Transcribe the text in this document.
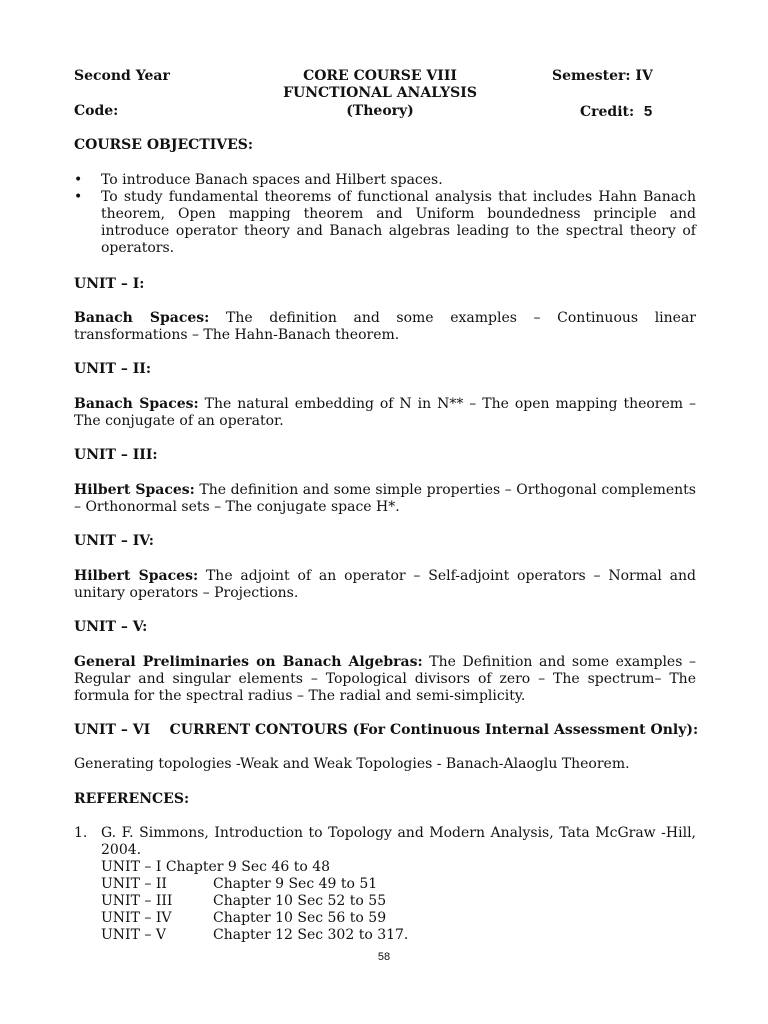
Second Year	CORE COURSE VIII	Semester: IV
FUNCTIONAL ANALYSIS
Code:	(Theory)	Credit: 5
COURSE OBJECTIVES:
• To introduce Banach spaces and Hilbert spaces.
• To study fundamental theorems of functional analysis that includes Hahn Banach theorem, Open mapping theorem and Uniform boundedness principle and introduce operator theory and Banach algebras leading to the spectral theory of operators.
UNIT – I:
Banach Spaces: The definition and some examples – Continuous linear transformations – The Hahn-Banach theorem.
UNIT – II:
Banach Spaces: The natural embedding of N in N** – The open mapping theorem – The conjugate of an operator.
UNIT – III:
Hilbert Spaces: The definition and some simple properties – Orthogonal complements – Orthonormal sets – The conjugate space H*.
UNIT – IV:
Hilbert Spaces: The adjoint of an operator – Self-adjoint operators – Normal and unitary operators – Projections.
UNIT – V:
General Preliminaries on Banach Algebras: The Definition and some examples – Regular and singular elements – Topological divisors of zero – The spectrum– The formula for the spectral radius – The radial and semi-simplicity.
UNIT – VI    CURRENT CONTOURS (For Continuous Internal Assessment Only):
Generating topologies -Weak and Weak Topologies - Banach-Alaoglu Theorem.
REFERENCES:
1. G. F. Simmons, Introduction to Topology and Modern Analysis, Tata McGraw -Hill, 2004.
UNIT – I Chapter 9 Sec 46 to 48
UNIT – II	Chapter 9 Sec 49 to 51
UNIT – III	Chapter 10 Sec 52 to 55
UNIT – IV	Chapter 10 Sec 56 to 59
UNIT – V	Chapter 12 Sec 302 to 317.
58
